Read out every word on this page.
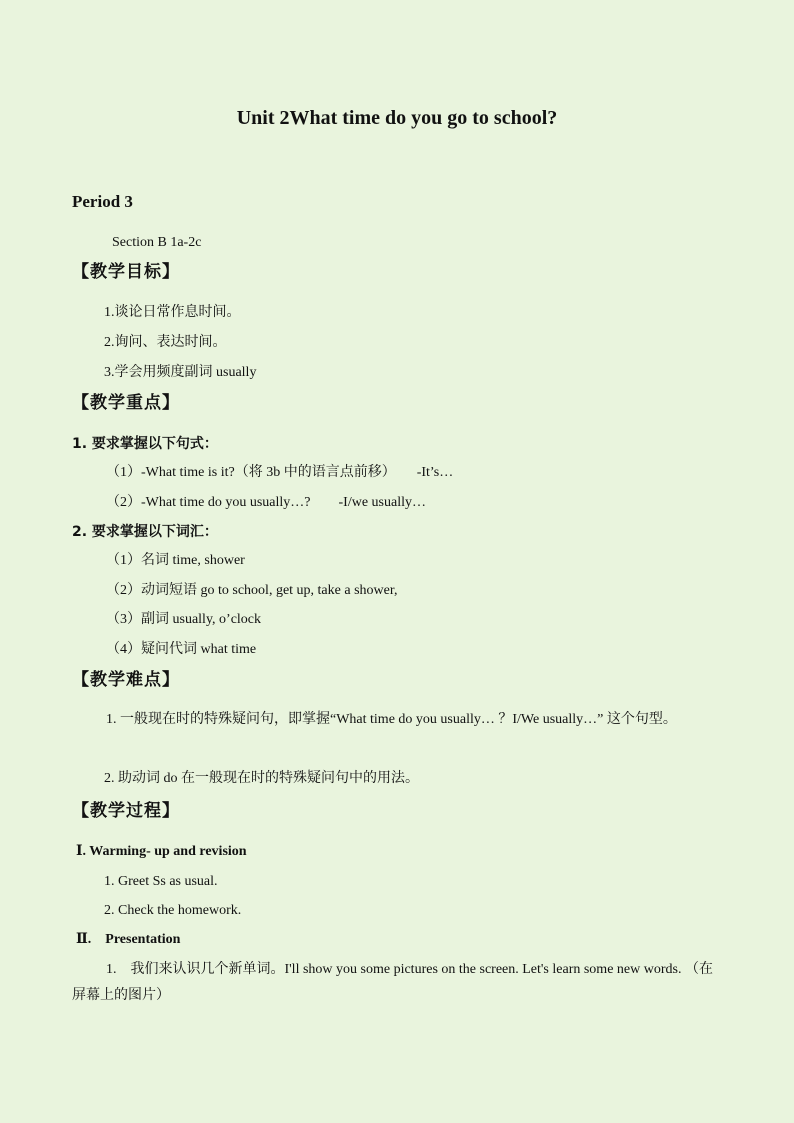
Unit 2What time do you go to school?
Period 3
Section B 1a-2c
【教学目标】
1.谈论日常作息时间。
2.询问、表达时间。
3.学会用频度副词 usually
【教学重点】
1. 要求掌握以下句式：
（1）-What time is it?（将 3b 中的语言点前移）　　-It’s…
（2）-What time do you usually…?　　-I/we usually…
2. 要求掌握以下词汇：
（1）名词 time, shower
（2）动词短语 go to school, get up, take a shower,
（3）副词 usually, o’clock
（4）疑问代词 what time
【教学难点】
1. 一般现在时的特殊疑问句，即掌握“What time do you usually… ？I/We usually…” 这个句型。
2. 助动词 do 在一般现在时的特殊疑问句中的用法。
【教学过程】
Ⅰ. Warming- up and revision
1. Greet Ss as usual.
2. Check the homework.
Ⅱ.　Presentation
1.　我们来认识几个新单词。I'll show you some pictures on the screen. Let's learn some new words. （在屏幕上的图片）
